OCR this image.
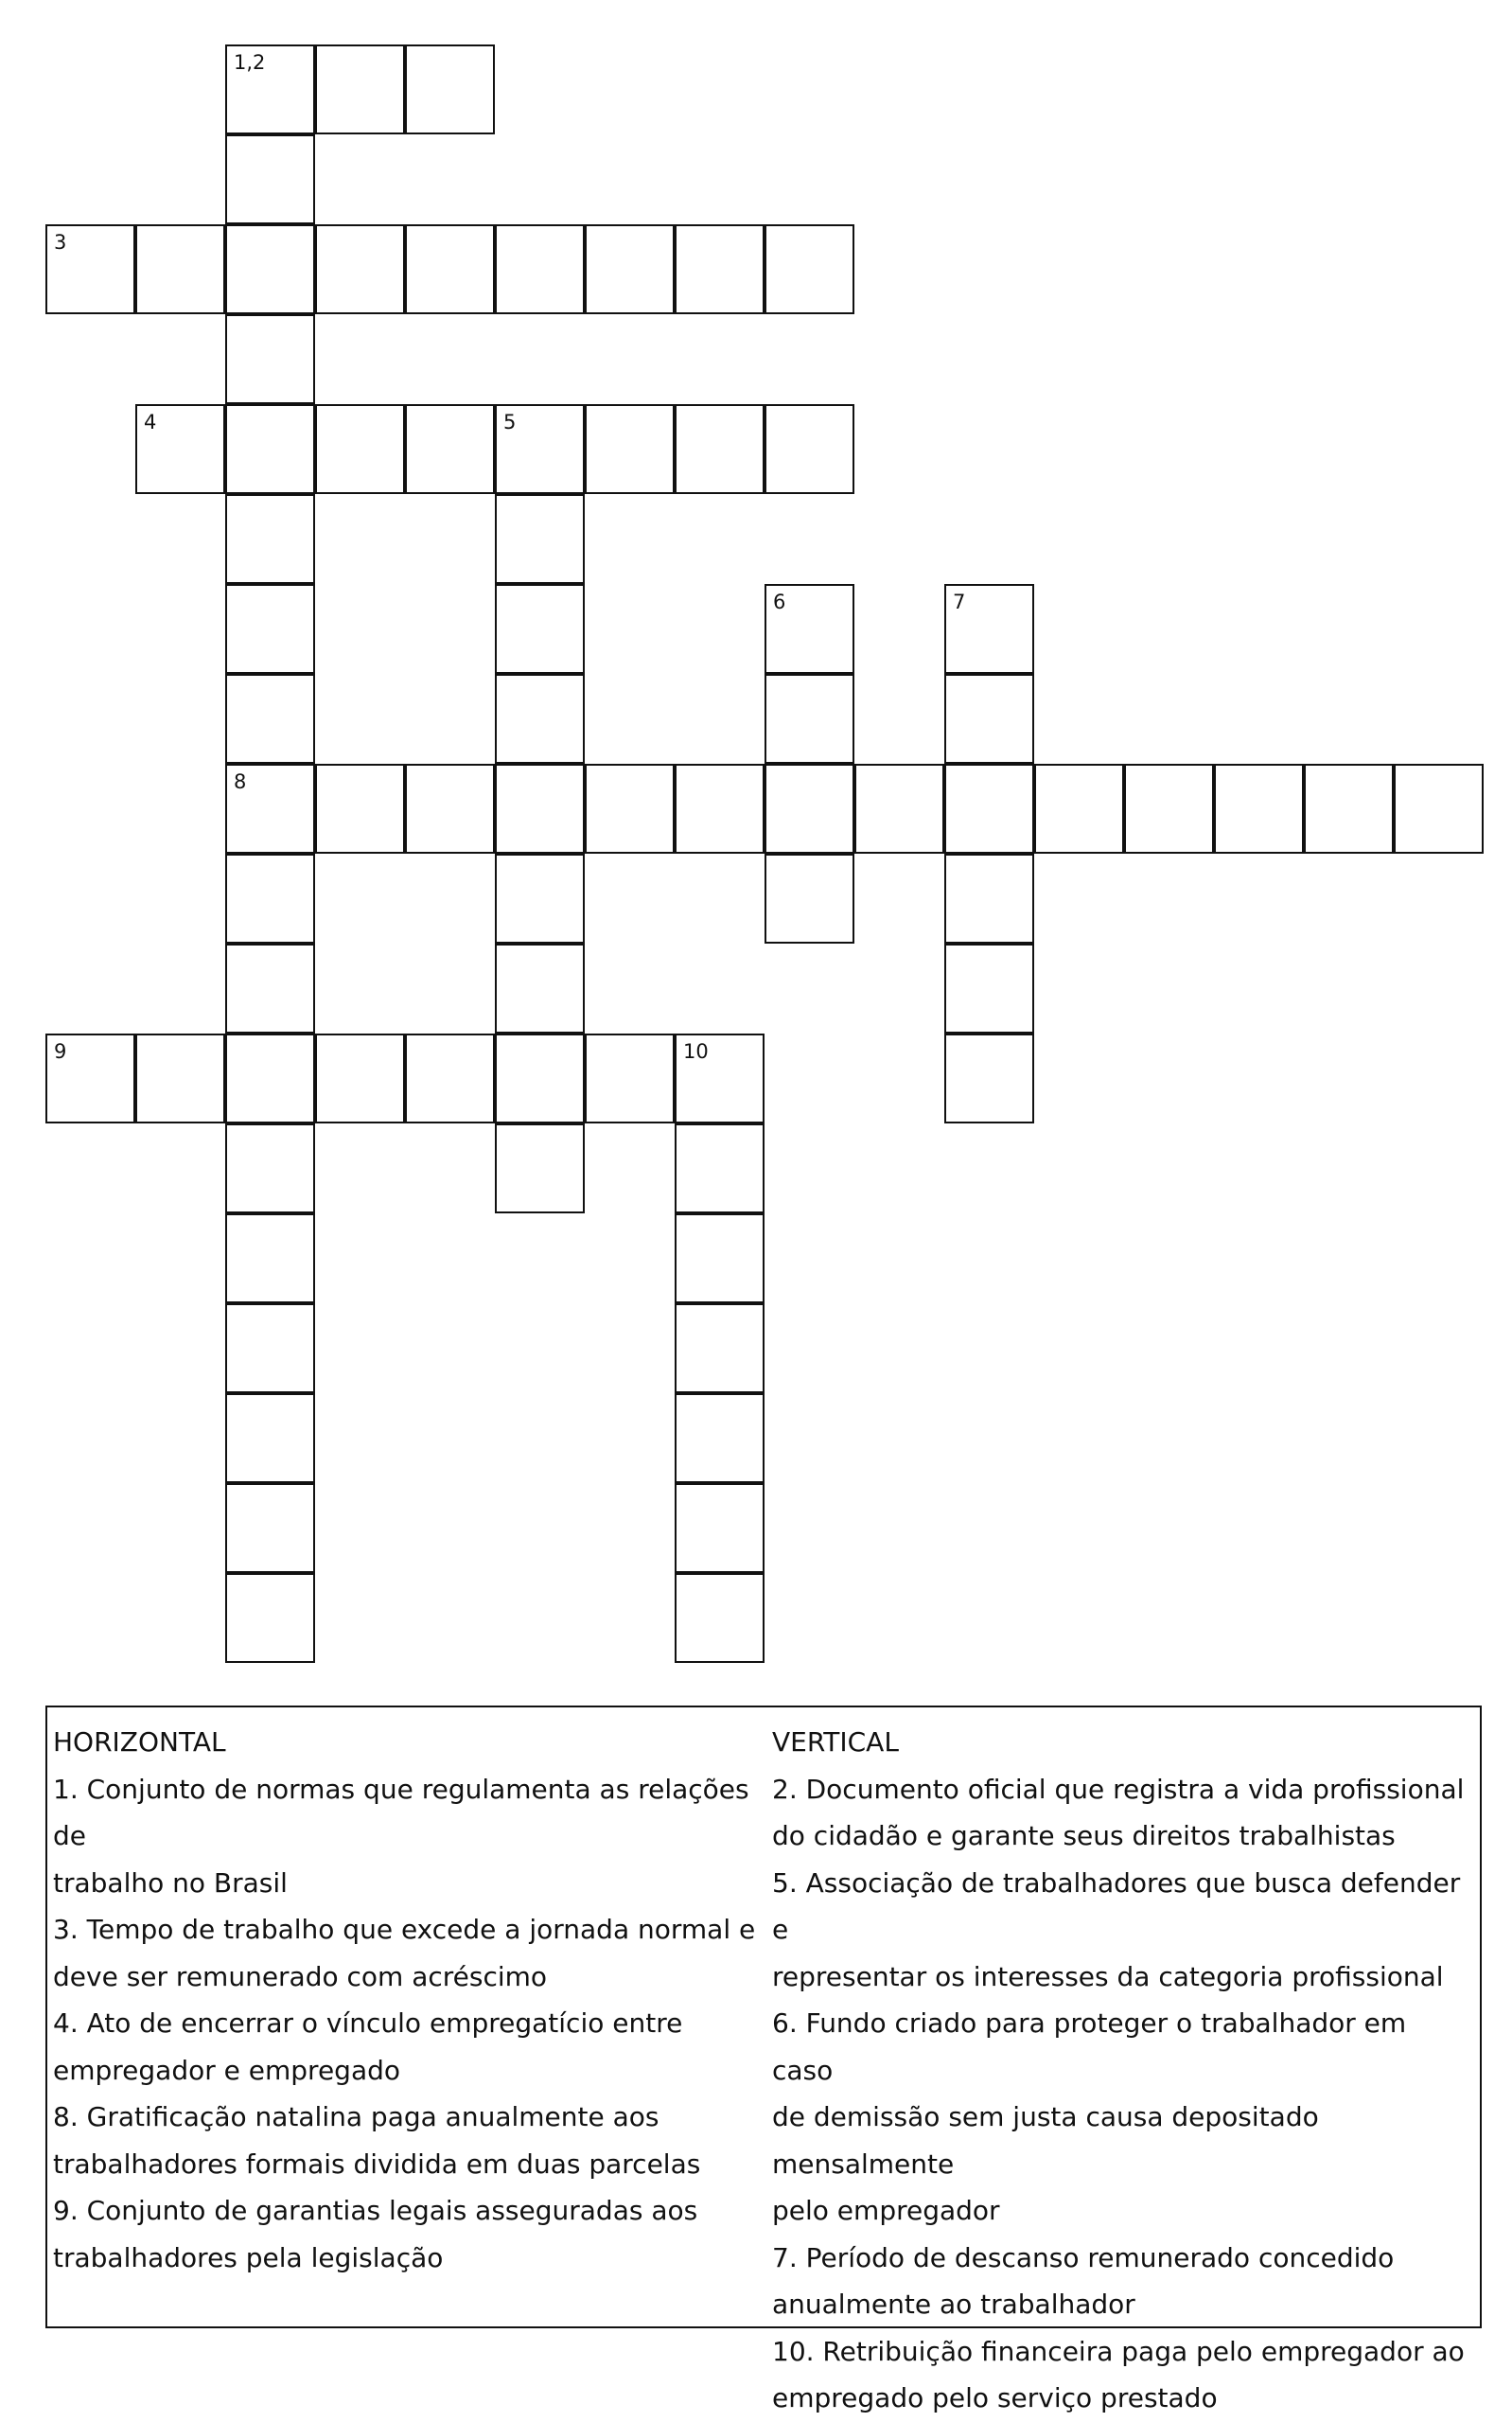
1,2
3
4	5
6	7
8
9	10
HORIZONTAL
1. Conjunto de normas que regulamenta as relações de
trabalho no Brasil
3. Tempo de trabalho que excede a jornada normal e
deve ser remunerado com acréscimo
4. Ato de encerrar o vínculo empregatício entre
empregador e empregado
8. Gratificação natalina paga anualmente aos
trabalhadores formais dividida em duas parcelas
9. Conjunto de garantias legais asseguradas aos
trabalhadores pela legislação
VERTICAL
2. Documento oficial que registra a vida profissional
do cidadão e garante seus direitos trabalhistas
5. Associação de trabalhadores que busca defender e
representar os interesses da categoria profissional
6. Fundo criado para proteger o trabalhador em caso
de demissão sem justa causa depositado mensalmente
pelo empregador
7. Período de descanso remunerado concedido
anualmente ao trabalhador
10. Retribuição financeira paga pelo empregador ao
empregado pelo serviço prestado
